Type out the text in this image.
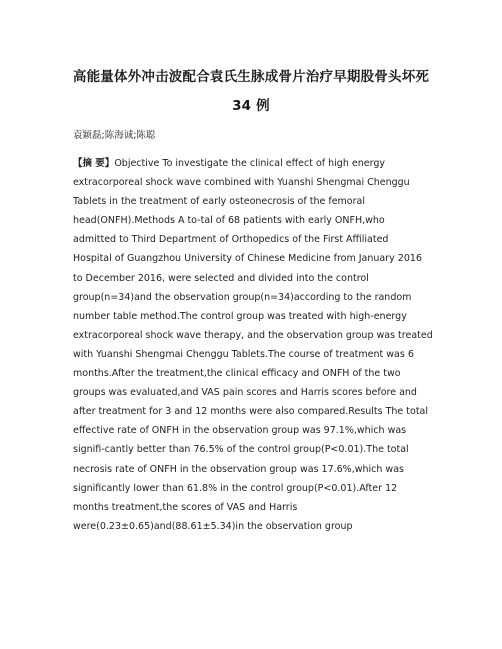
高能量体外冲击波配合袁氏生脉成骨片治疗早期股骨头坏死
34 例
袁颖磊;陈海诚;陈聪
【摘 要】Objective To investigate the clinical effect of high energy
extracorporeal shock wave combined with Yuanshi Shengmai Chenggu
Tablets in the treatment of early osteonecrosis of the femoral
head(ONFH).Methods A to-tal of 68 patients with early ONFH,who
admitted to Third Department of Orthopedics of the First Affiliated
Hospital of Guangzhou University of Chinese Medicine from January 2016
to December 2016, were selected and divided into the control
group(n=34)and the observation group(n=34)according to the random
number table method.The control group was treated with high-energy
extracorporeal shock wave therapy, and the observation group was treated
with Yuanshi Shengmai Chenggu Tablets.The course of treatment was 6
months.After the treatment,the clinical efficacy and ONFH of the two
groups was evaluated,and VAS pain scores and Harris scores before and
after treatment for 3 and 12 months were also compared.Results The total
effective rate of ONFH in the observation group was 97.1%,which was
signifi-cantly better than 76.5% of the control group(P<0.01).The total
necrosis rate of ONFH in the observation group was 17.6%,which was
significantly lower than 61.8% in the control group(P<0.01).After 12
months treatment,the scores of VAS and Harris
were(0.23±0.65)and(88.61±5.34)in the observation group
